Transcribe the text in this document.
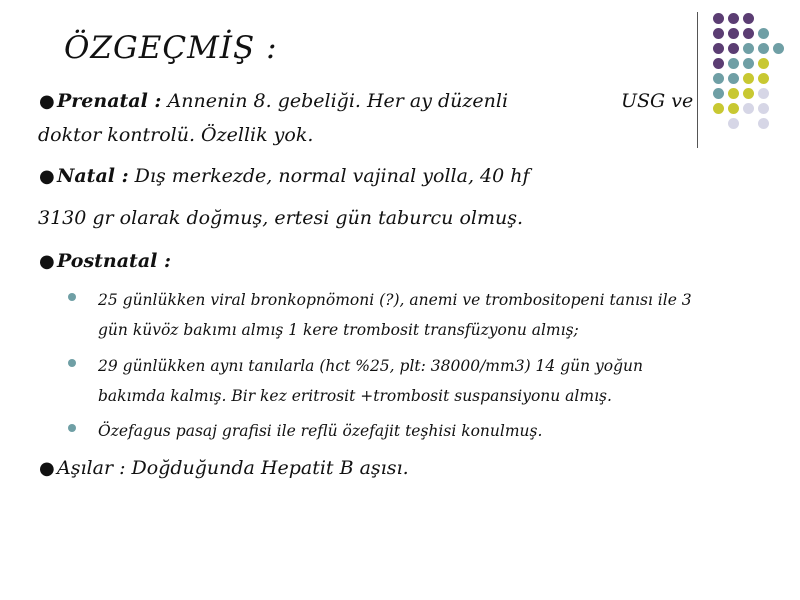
ÖZGEÇMİŞ :
● Prenatal : Annenin 8. gebeliği. Her ay düzenli	USG ve
doktor kontrolü. Özellik yok.
● Natal : Dış merkezde, normal vajinal yolla, 40 hf
3130 gr olarak doğmuş, ertesi gün taburcu olmuş.
● Postnatal :
25 günlükken viral bronkopnömoni (?), anemi ve trombositopeni tanısı ile 3
gün küvöz bakımı almış 1 kere trombosit transfüzyonu almış;
29 günlükken aynı tanılarla (hct %25, plt: 38000/mm3) 14 gün yoğun
bakımda kalmış. Bir kez eritrosit +trombosit suspansiyonu almış.
Özefagus pasaj grafisi ile reflü özefajit teşhisi konulmuş.
● Aşılar : Doğduğunda Hepatit B aşısı.
